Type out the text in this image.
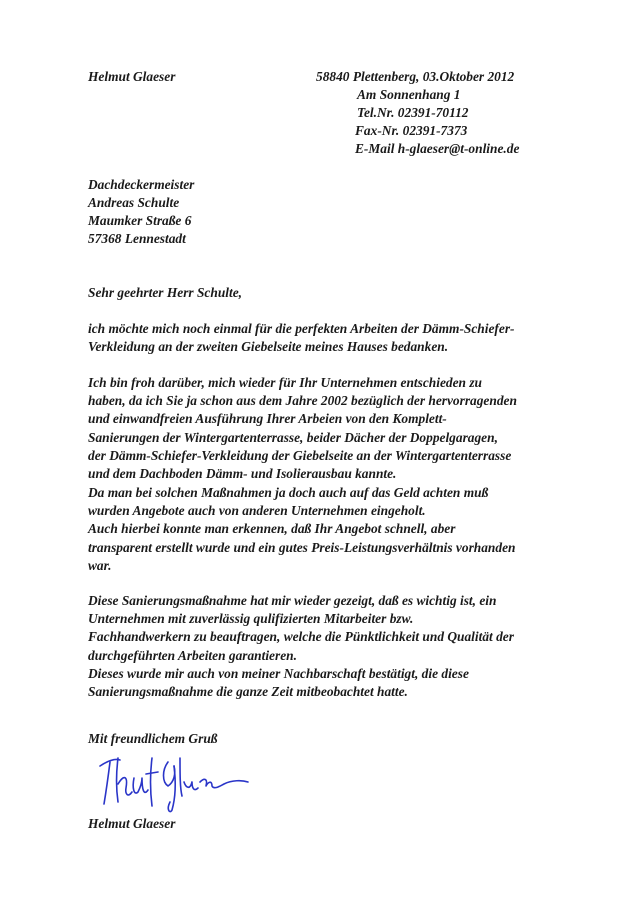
Helmut Glaeser	58840 Plettenberg, 03.Oktober 2012
Am Sonnenhang 1
Tel.Nr. 02391-70112
Fax-Nr. 02391-7373
E-Mail h-glaeser@t-online.de
Dachdeckermeister
Andreas Schulte
Maumker Straße 6
57368 Lennestadt
Sehr geehrter Herr Schulte,
ich möchte mich noch einmal für die perfekten Arbeiten der Dämm-Schiefer-
Verkleidung an der zweiten Giebelseite meines Hauses bedanken.
Ich bin froh darüber, mich wieder für Ihr Unternehmen entschieden zu
haben, da ich Sie ja schon aus dem Jahre 2002 bezüglich der hervorragenden
und einwandfreien Ausführung Ihrer Arbeien von den Komplett-
Sanierungen der Wintergartenterrasse, beider Dächer der Doppelgaragen,
der Dämm-Schiefer-Verkleidung der Giebelseite an der Wintergartenterrasse
und dem Dachboden Dämm- und Isolierausbau kannte.
Da man bei solchen Maßnahmen ja doch auch auf das Geld achten muß
wurden Angebote auch von anderen Unternehmen eingeholt.
Auch hierbei konnte man erkennen, daß Ihr Angebot schnell, aber
transparent erstellt wurde und ein gutes Preis-Leistungsverhältnis vorhanden
war.
Diese Sanierungsmaßnahme hat mir wieder gezeigt, daß es wichtig ist, ein
Unternehmen mit zuverlässig qulifizierten Mitarbeiter bzw.
Fachhandwerkern zu beauftragen, welche die Pünktlichkeit und Qualität der
durchgeführten Arbeiten garantieren.
Dieses wurde mir auch von meiner Nachbarschaft bestätigt, die diese
Sanierungsmaßnahme die ganze Zeit mitbeobachtet hatte.
Mit freundlichem Gruß
Helmut Glaeser
